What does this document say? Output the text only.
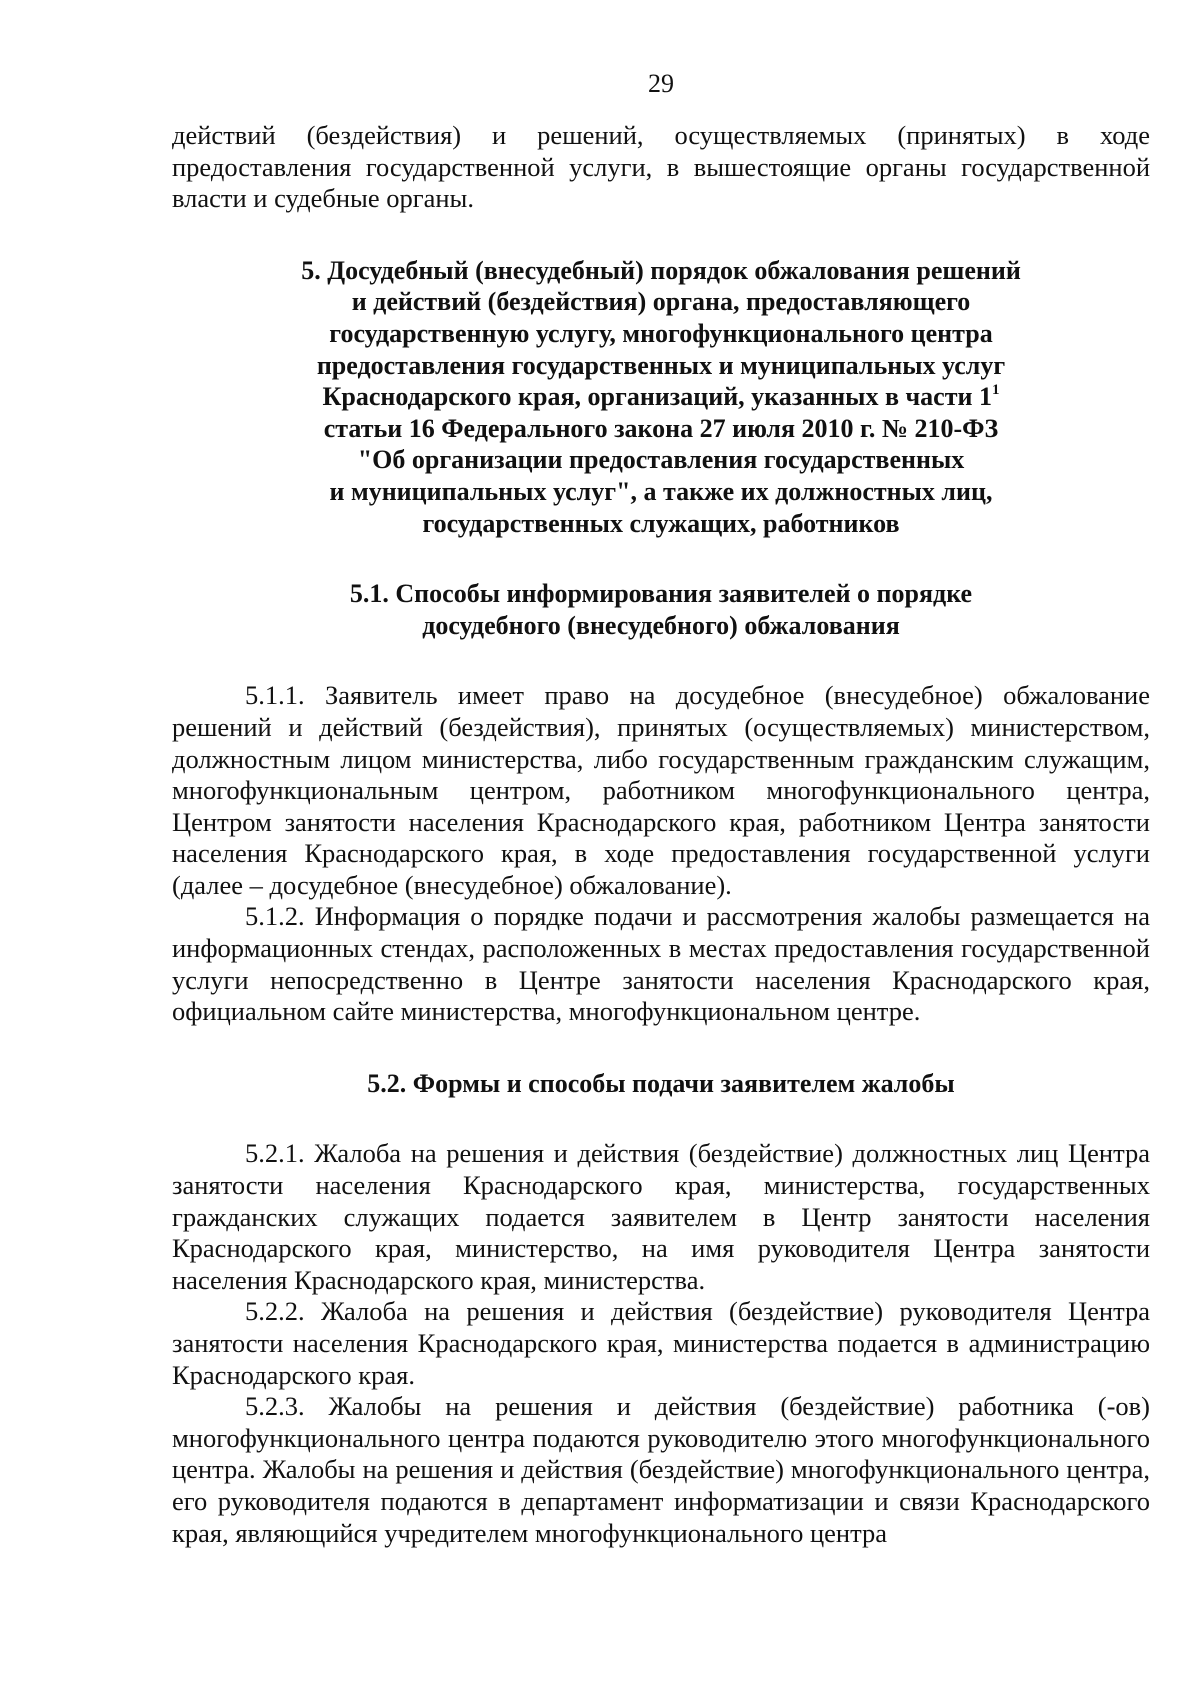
29

действий (бездействия) и решений, осуществляемых (принятых) в ходе предоставления государственной услуги, в вышестоящие органы государственной власти и судебные органы.

5. Досудебный (внесудебный) порядок обжалования решений
и действий (бездействия) органа, предоставляющего
государственную услугу, многофункционального центра
предоставления государственных и муниципальных услуг
Краснодарского края, организаций, указанных в части $1^1$
статьи 16 Федерального закона 27 июля 2010 г. № 210-ФЗ
"Об организации предоставления государственных
и муниципальных услуг", а также их должностных лиц,
государственных служащих, работников
5.1. Способы информирования заявителей о порядке
досудебного (внесудебного) обжалования

5.1.1. Заявитель имеет право на досудебное (внесудебное) обжалование решений и действий (бездействия), принятых (осуществляемых) министерством, должностным лицом министерства, либо государственным гражданским служащим, многофункциональным центром, работником многофункционального центра, Центром занятости населения Краснодарского края, работником Центра занятости населения Краснодарского края, в ходе предоставления государственной услуги (далее – досудебное (внесудебное) обжалование).

5.1.2. Информация о порядке подачи и рассмотрения жалобы размещается на информационных стендах, расположенных в местах предоставления государственной услуги непосредственно в Центре занятости населения Краснодарского края, официальном сайте министерства, многофункциональном центре.

5.2. Формы и способы подачи заявителем жалобы

5.2.1. Жалоба на решения и действия (бездействие) должностных лиц Центра занятости населения Краснодарского края, министерства, государственных гражданских служащих подается заявителем в Центр занятости населения Краснодарского края, министерство, на имя руководителя Центра занятости населения Краснодарского края, министерства.

5.2.2. Жалоба на решения и действия (бездействие) руководителя Центра занятости населения Краснодарского края, министерства подается в администрацию Краснодарского края.

5.2.3. Жалобы на решения и действия (бездействие) работника (-ов) многофункционального центра подаются руководителю этого многофункционального центра. Жалобы на решения и действия (бездействие) многофункционального центра, его руководителя подаются в департамент информатизации и связи Краснодарского края, являющийся учредителем многофункционального центра
